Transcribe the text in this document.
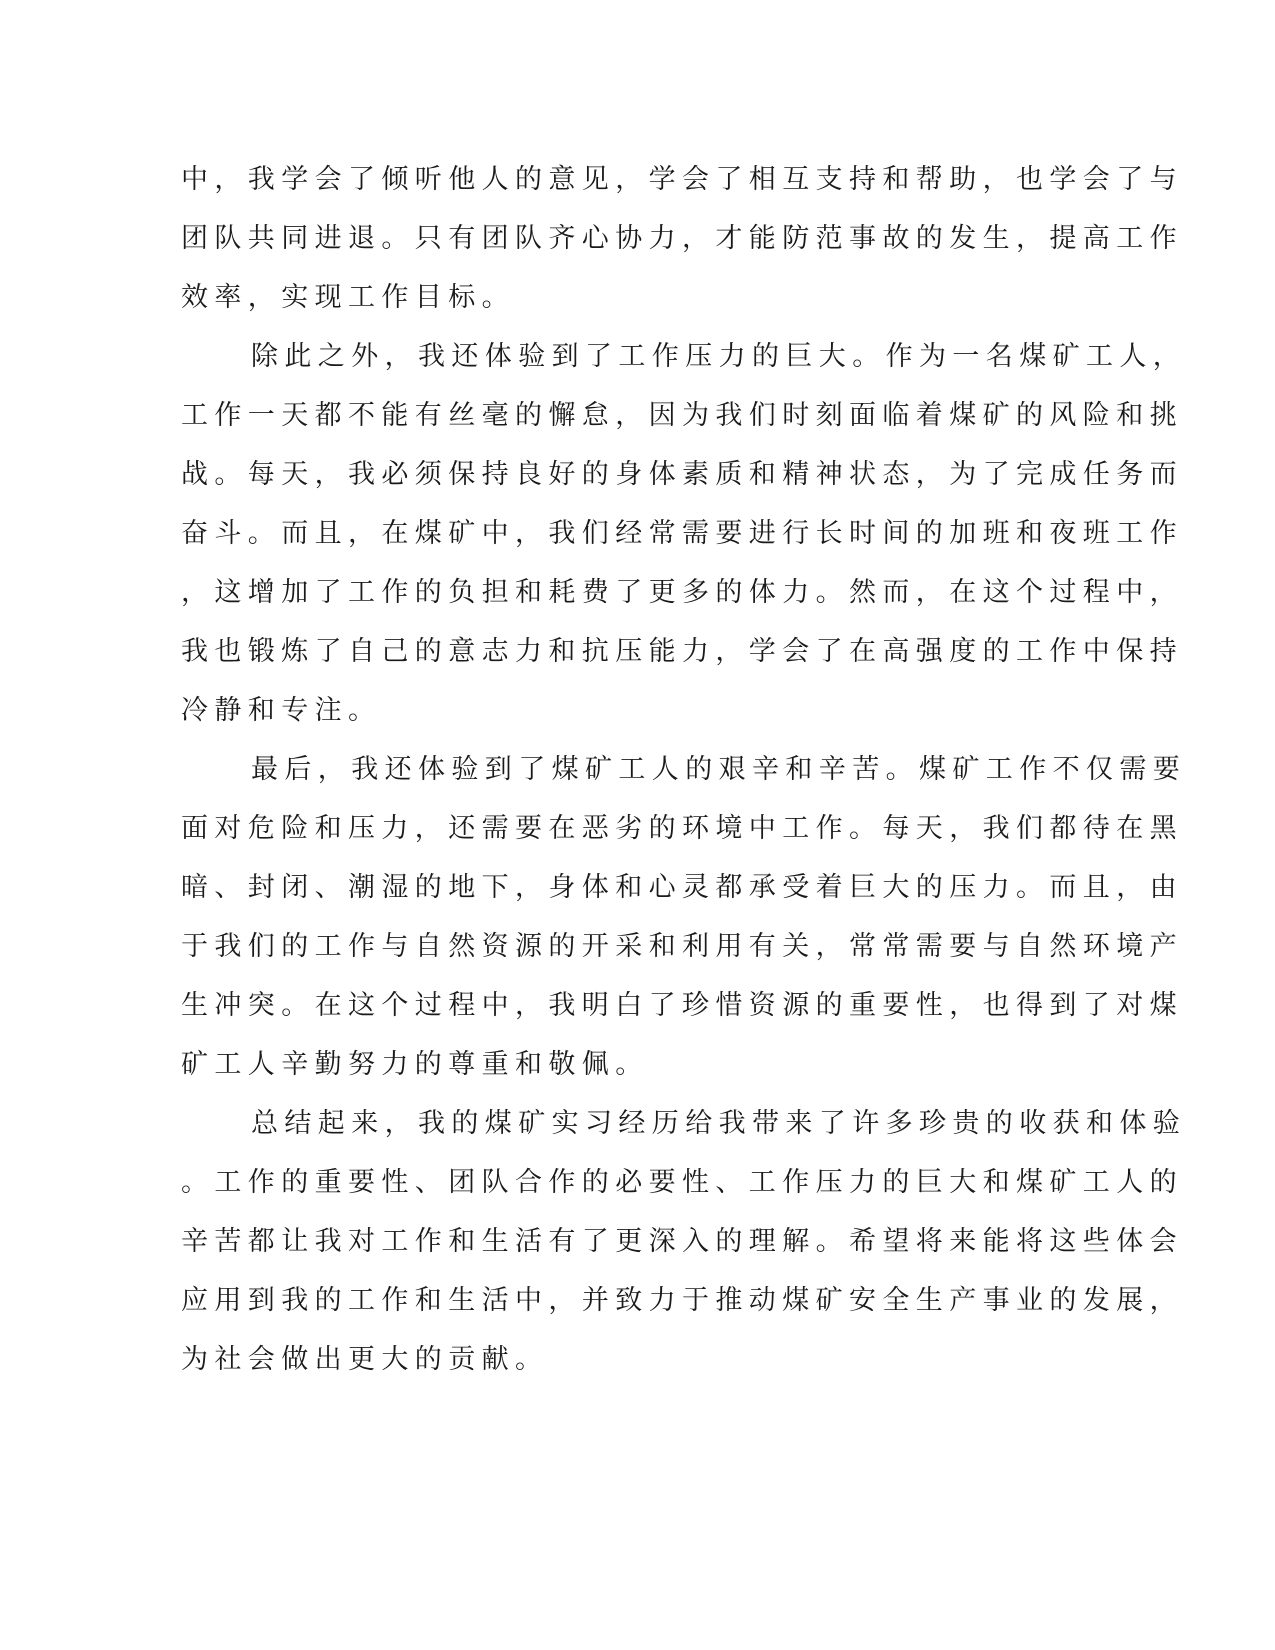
中，我学会了倾听他人的意见，学会了相互支持和帮助，也学会了与

团队共同进退。只有团队齐心协力，才能防范事故的发生，提高工作

效率，实现工作目标。

除此之外，我还体验到了工作压力的巨大。作为一名煤矿工人，

工作一天都不能有丝毫的懈怠，因为我们时刻面临着煤矿的风险和挑

战。每天，我必须保持良好的身体素质和精神状态，为了完成任务而

奋斗。而且，在煤矿中，我们经常需要进行长时间的加班和夜班工作

，这增加了工作的负担和耗费了更多的体力。然而，在这个过程中，

我也锻炼了自己的意志力和抗压能力，学会了在高强度的工作中保持

冷静和专注。

最后，我还体验到了煤矿工人的艰辛和辛苦。煤矿工作不仅需要

面对危险和压力，还需要在恶劣的环境中工作。每天，我们都待在黑

暗、封闭、潮湿的地下，身体和心灵都承受着巨大的压力。而且，由

于我们的工作与自然资源的开采和利用有关，常常需要与自然环境产

生冲突。在这个过程中，我明白了珍惜资源的重要性，也得到了对煤

矿工人辛勤努力的尊重和敬佩。

总结起来，我的煤矿实习经历给我带来了许多珍贵的收获和体验

。工作的重要性、团队合作的必要性、工作压力的巨大和煤矿工人的

辛苦都让我对工作和生活有了更深入的理解。希望将来能将这些体会

应用到我的工作和生活中，并致力于推动煤矿安全生产事业的发展，

为社会做出更大的贡献。
